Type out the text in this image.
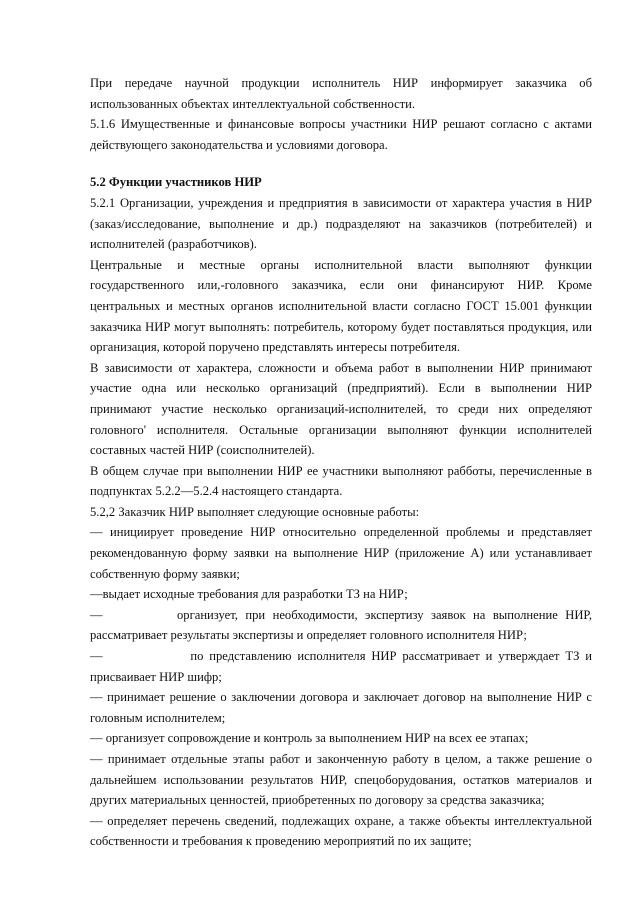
При передаче научной продукции исполнитель НИР информирует заказчика об использованных объектах интеллектуальной собственности.

5.1.6 Имущественные и финансовые вопросы участники НИР решают согласно с актами действующего законодательства и условиями договора.

5.2 Функции участников НИР

5.2.1 Организации, учреждения и предприятия в зависимости от характера участия в НИР (заказ/исследование, выполнение и др.) подразделяют на заказчиков (потребителей) и исполнителей (разработчиков).

Центральные и местные органы исполнительной власти выполняют функции государственного или,-головного заказчика, если они финансируют НИР. Кроме центральных и местных органов исполнительной власти согласно ГОСТ 15.001 функции заказчика НИР могут выполнять: потребитель, которому будет поставляться продукция, или организация, которой поручено представлять интересы потребителя.

В зависимости от характера, сложности и объема работ в выполнении НИР принимают участие одна или несколько организаций (предприятий). Если в выполнении НИР принимают участие несколько организаций-исполнителей, то среди них определяют головного' исполнителя. Остальные организации выполняют функции исполнителей составных частей НИР (соисполнителей).

В общем случае при выполнении НИР ее участники выполняют рабботы, перечисленные в подпунктах 5.2.2—5.2.4 настоящего стандарта.

5.2,2 Заказчик НИР выполняет следующие основные работы:

— инициирует проведение НИР относительно определенной проблемы и представляет рекомендованную форму заявки на выполнение НИР (приложение А) или устанавливает собственную форму заявки;

—выдает исходные требования для разработки ТЗ на НИР;

—          организует, при необходимости, экспертизу заявок на выполнение НИР, рассматривает результаты экспертизы и определяет головного исполнителя НИР;

—               по представлению исполнителя НИР рассматривает и утверждает ТЗ и присваивает НИР шифр;

— принимает решение о заключении договора и заключает договор на выполнение НИР с головным исполнителем;

— организует сопровождение и контроль за выполнением НИР на всех ее этапах;

— принимает отдельные этапы работ и законченную работу в целом, а также решение о дальнейшем использовании результатов НИР, спецоборудования, остатков материалов и других материальных ценностей, приобретенных по договору за средства заказчика;

— определяет перечень сведений, подлежащих охране, а также объекты интеллектуальной собственности и требования к проведению мероприятий по их защите;
